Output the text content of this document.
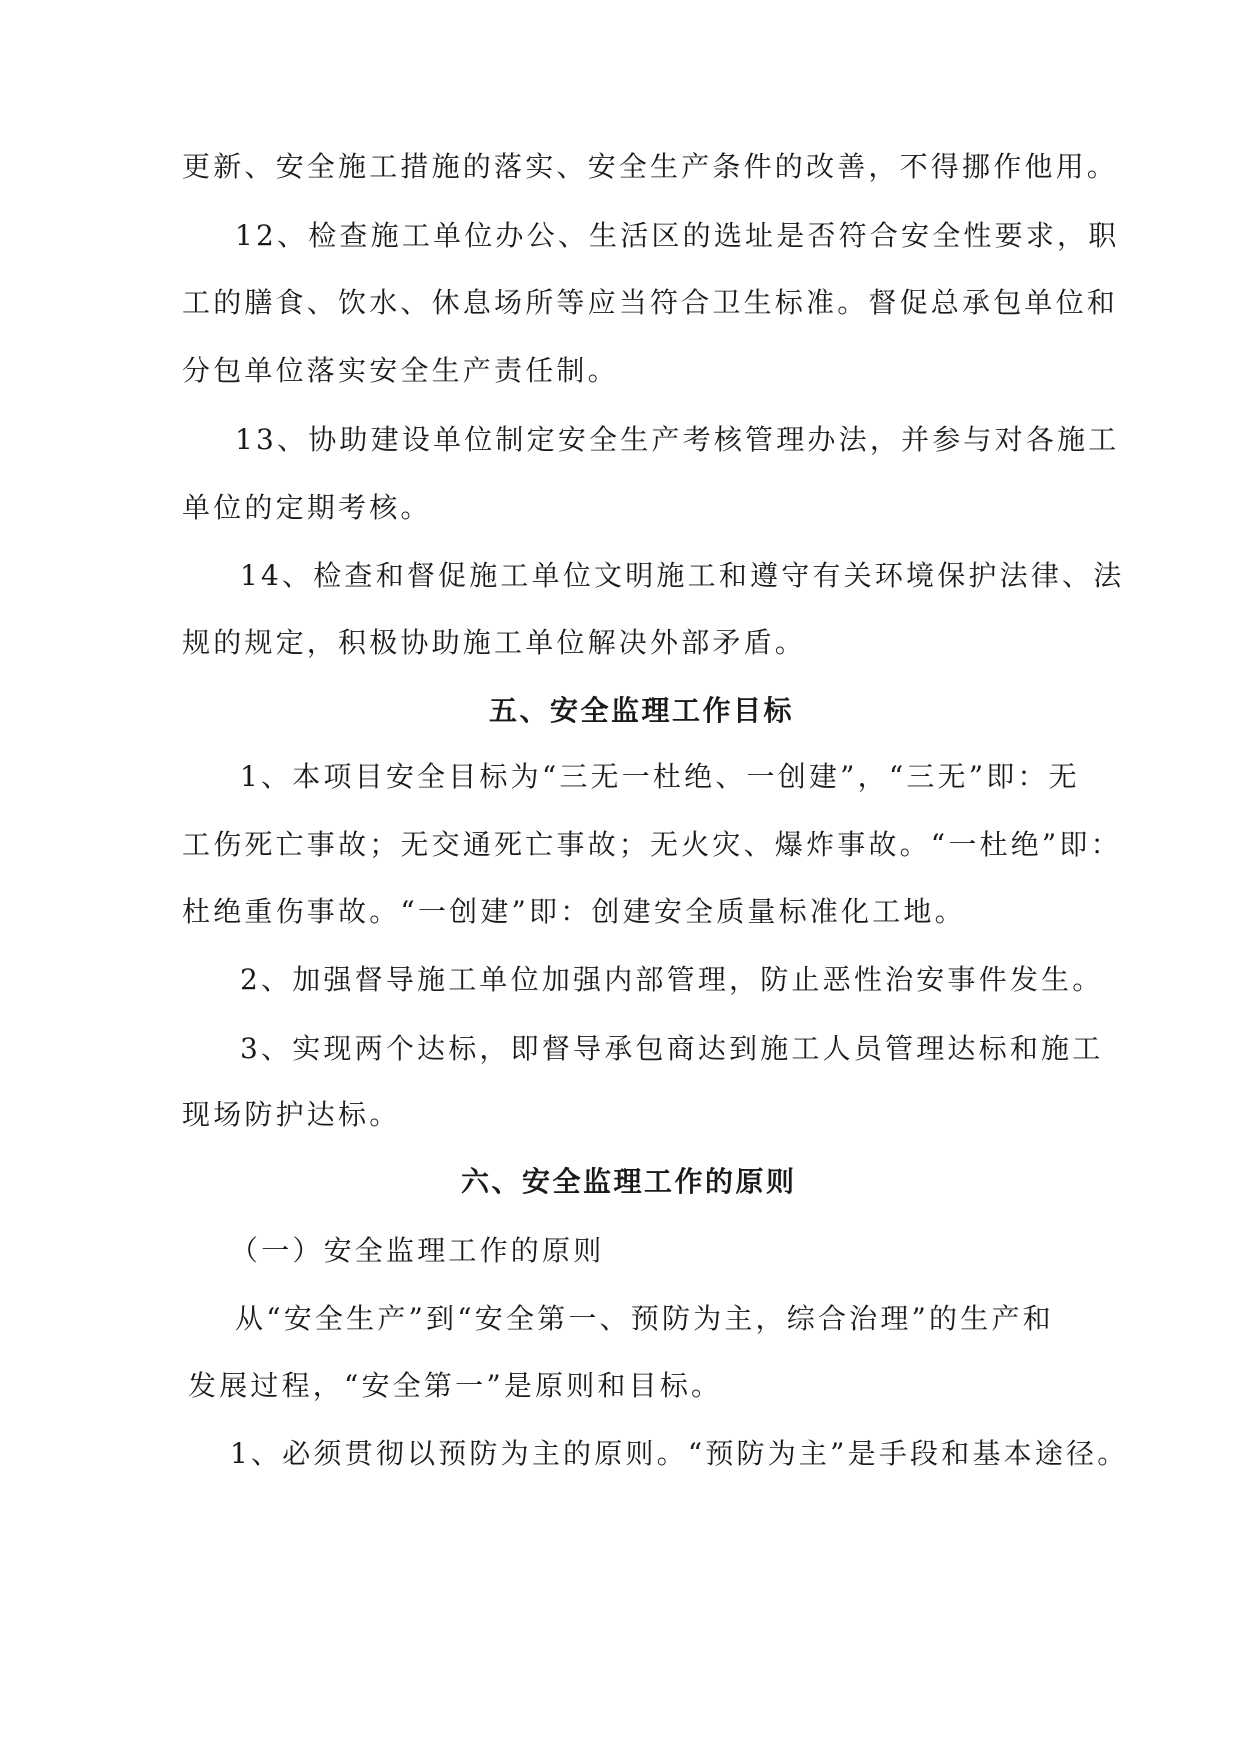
更新、安全施工措施的落实、安全生产条件的改善，不得挪作他用。
12、检查施工单位办公、生活区的选址是否符合安全性要求，职
工的膳食、饮水、休息场所等应当符合卫生标准。督促总承包单位和
分包单位落实安全生产责任制。
13、协助建设单位制定安全生产考核管理办法，并参与对各施工
单位的定期考核。
14、检查和督促施工单位文明施工和遵守有关环境保护法律、法
规的规定，积极协助施工单位解决外部矛盾。
五、安全监理工作目标
1、本项目安全目标为“三无一杜绝、一创建”，“三无”即：无
工伤死亡事故；无交通死亡事故；无火灾、爆炸事故。“一杜绝”即：
杜绝重伤事故。“一创建”即：创建安全质量标准化工地。
2、加强督导施工单位加强内部管理，防止恶性治安事件发生。
3、实现两个达标，即督导承包商达到施工人员管理达标和施工
现场防护达标。
六、安全监理工作的原则
（一）安全监理工作的原则
从“安全生产”到“安全第一、预防为主，综合治理”的生产和
发展过程，“安全第一”是原则和目标。
1、必须贯彻以预防为主的原则。“预防为主”是手段和基本途径。
